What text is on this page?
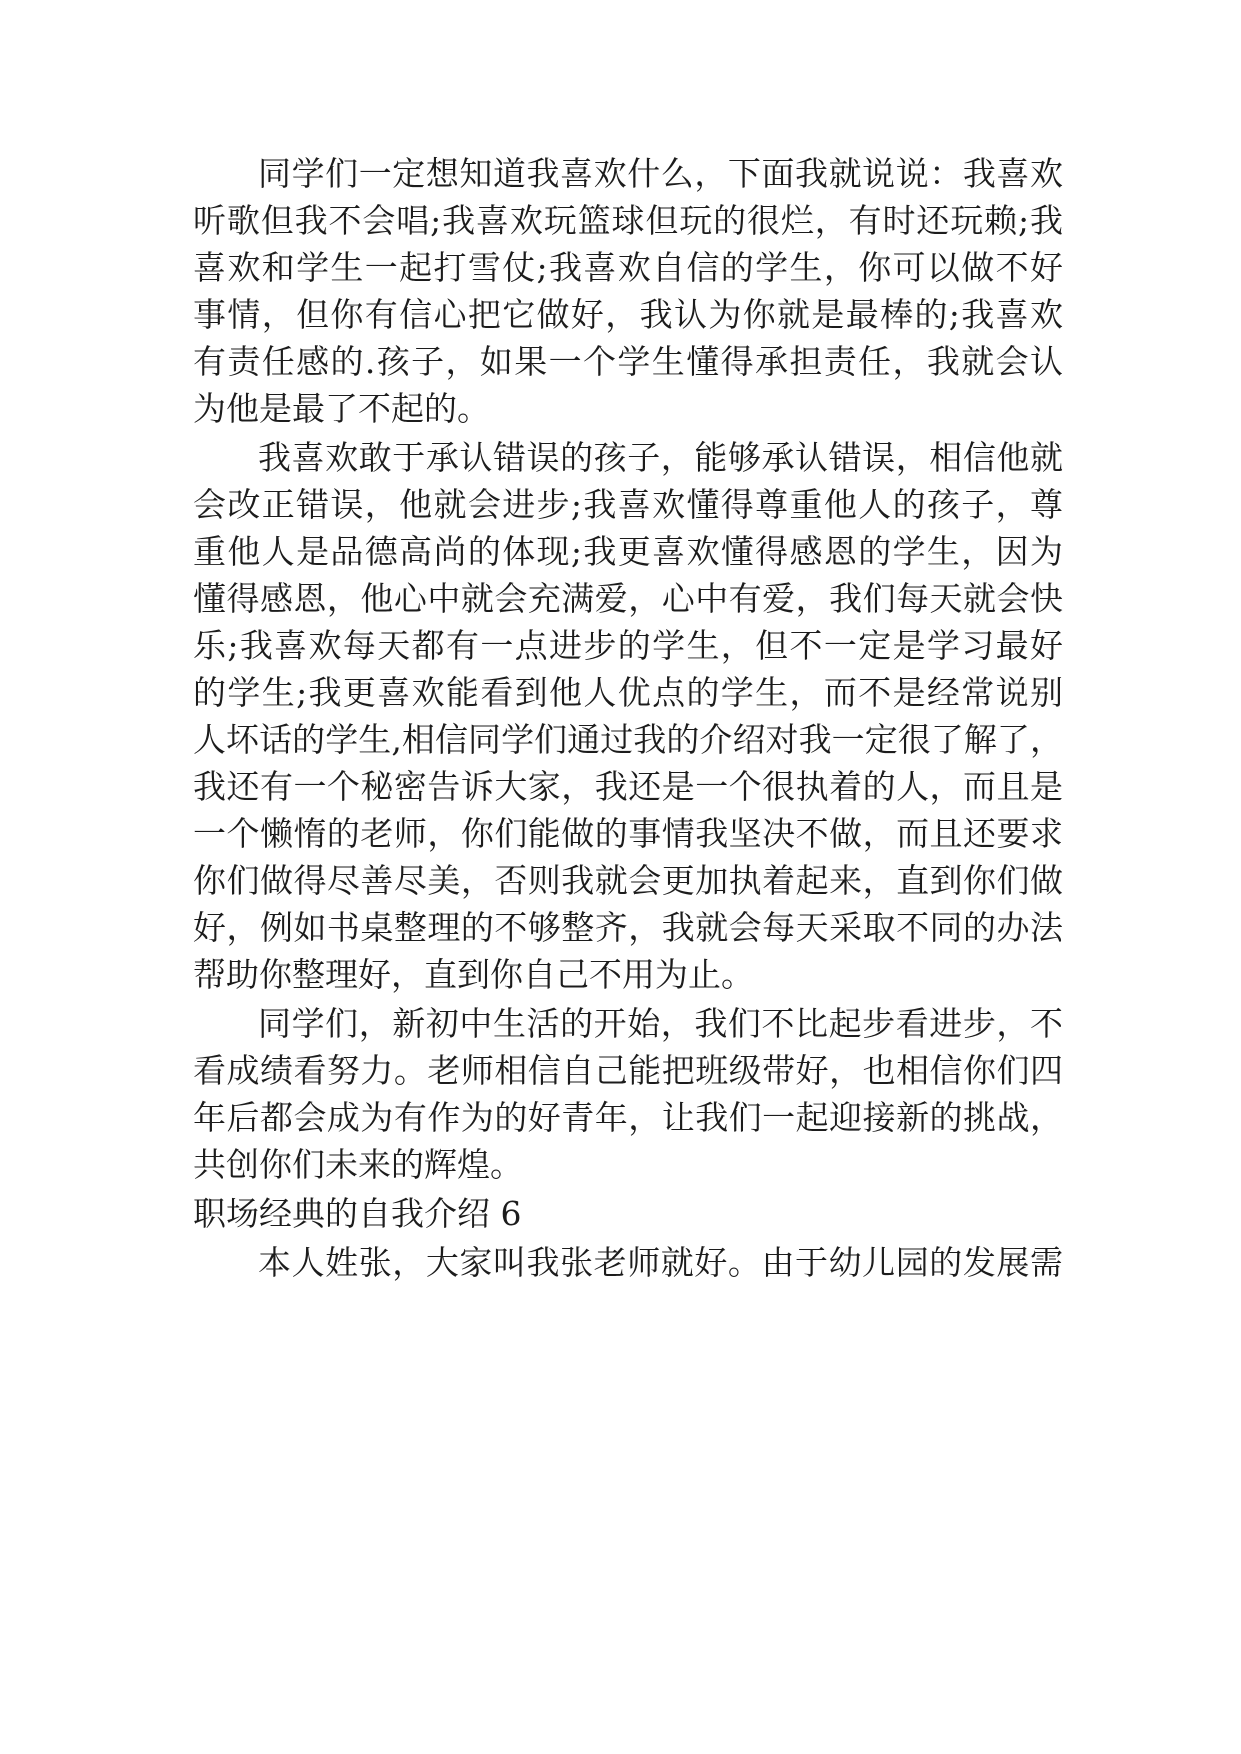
同学们一定想知道我喜欢什么，下面我就说说：我喜欢
听歌但我不会唱;我喜欢玩篮球但玩的很烂，有时还玩赖;我
喜欢和学生一起打雪仗;我喜欢自信的学生，你可以做不好
事情，但你有信心把它做好，我认为你就是最棒的;我喜欢
有责任感的.孩子，如果一个学生懂得承担责任，我就会认
为他是最了不起的。
我喜欢敢于承认错误的孩子，能够承认错误，相信他就
会改正错误，他就会进步;我喜欢懂得尊重他人的孩子，尊
重他人是品德高尚的体现;我更喜欢懂得感恩的学生，因为
懂得感恩，他心中就会充满爱，心中有爱，我们每天就会快
乐;我喜欢每天都有一点进步的学生，但不一定是学习最好
的学生;我更喜欢能看到他人优点的学生，而不是经常说别
人坏话的学生,相信同学们通过我的介绍对我一定很了解了，
我还有一个秘密告诉大家，我还是一个很执着的人，而且是
一个懒惰的老师，你们能做的事情我坚决不做，而且还要求
你们做得尽善尽美，否则我就会更加执着起来，直到你们做
好，例如书桌整理的不够整齐，我就会每天采取不同的办法
帮助你整理好，直到你自己不用为止。
同学们，新初中生活的开始，我们不比起步看进步，不
看成绩看努力。老师相信自己能把班级带好，也相信你们四
年后都会成为有作为的好青年，让我们一起迎接新的挑战，
共创你们未来的辉煌。
职场经典的自我介绍 6
本人姓张，大家叫我张老师就好。由于幼儿园的发展需
